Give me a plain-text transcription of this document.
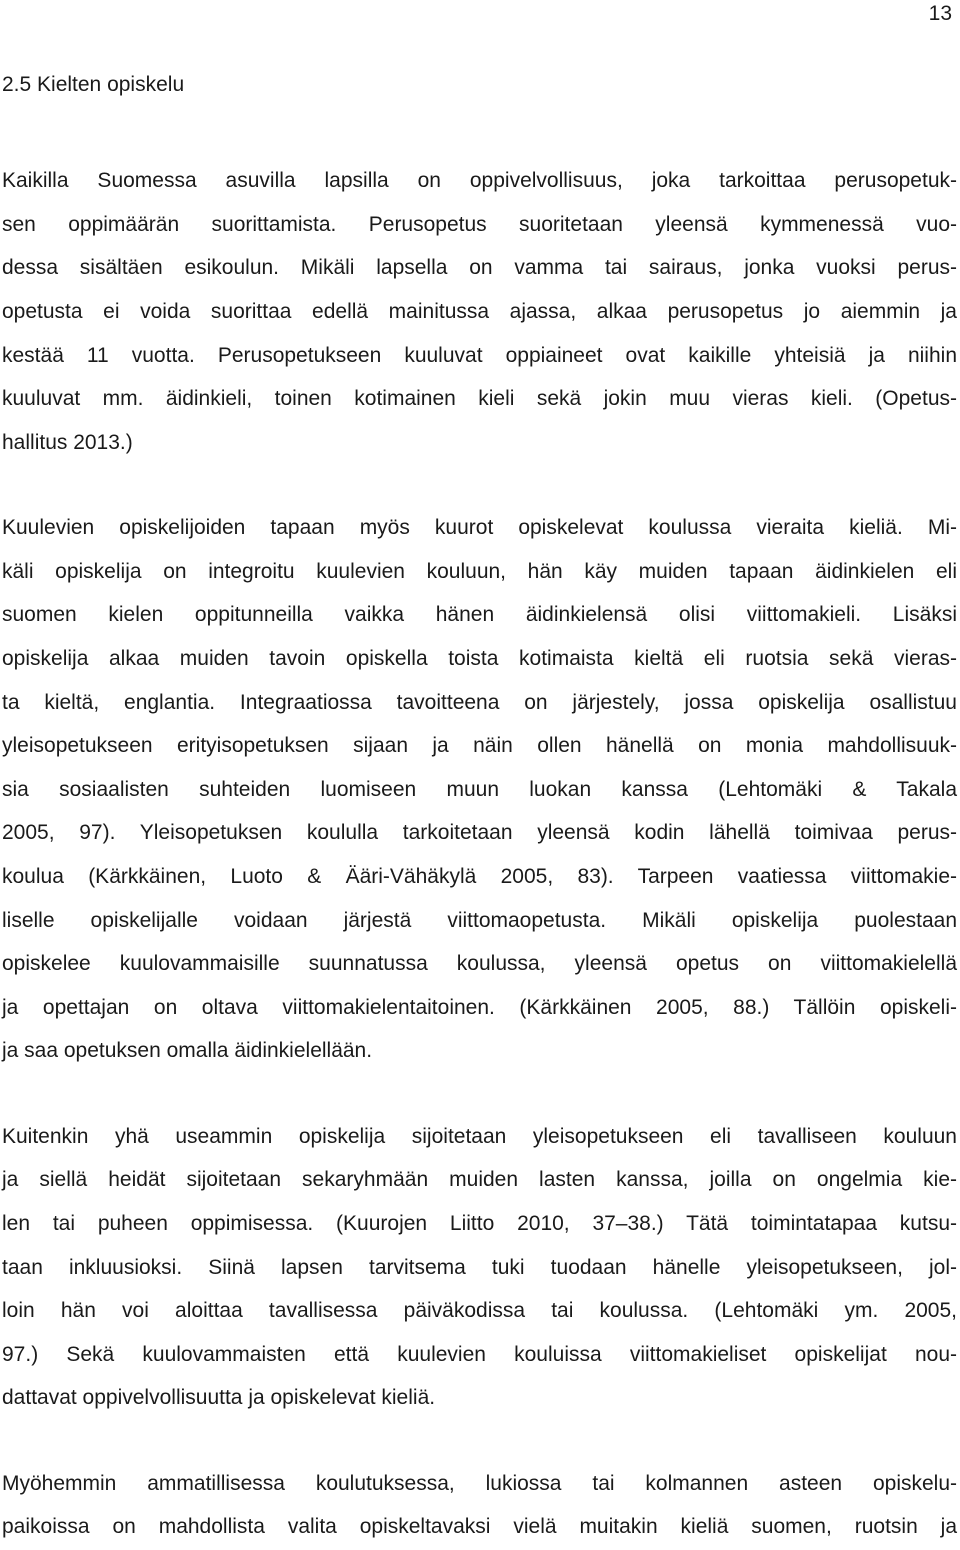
13
2.5 Kielten opiskelu
Kaikilla Suomessa asuvilla lapsilla on oppivelvollisuus, joka tarkoittaa perusopetuk-
sen oppimäärän suorittamista. Perusopetus suoritetaan yleensä kymmenessä vuo-
dessa sisältäen esikoulun. Mikäli lapsella on vamma tai sairaus, jonka vuoksi perus-
opetusta ei voida suorittaa edellä mainitussa ajassa, alkaa perusopetus jo aiemmin ja
kestää 11 vuotta. Perusopetukseen kuuluvat oppiaineet ovat kaikille yhteisiä ja niihin
kuuluvat mm. äidinkieli, toinen kotimainen kieli sekä jokin muu vieras kieli. (Opetus-
hallitus 2013.)
Kuulevien opiskelijoiden tapaan myös kuurot opiskelevat koulussa vieraita kieliä. Mi-
käli opiskelija on integroitu kuulevien kouluun, hän käy muiden tapaan äidinkielen eli
suomen kielen oppitunneilla vaikka hänen äidinkielensä olisi viittomakieli. Lisäksi
opiskelija alkaa muiden tavoin opiskella toista kotimaista kieltä eli ruotsia sekä vieras-
ta kieltä, englantia. Integraatiossa tavoitteena on järjestely, jossa opiskelija osallistuu
yleisopetukseen erityisopetuksen sijaan ja näin ollen hänellä on monia mahdollisuuk-
sia sosiaalisten suhteiden luomiseen muun luokan kanssa (Lehtomäki & Takala
2005, 97). Yleisopetuksen koululla tarkoitetaan yleensä kodin lähellä toimivaa perus-
koulua (Kärkkäinen, Luoto & Ääri-Vähäkylä 2005, 83). Tarpeen vaatiessa viittomakie-
liselle opiskelijalle voidaan järjestä viittomaopetusta. Mikäli opiskelija puolestaan
opiskelee kuulovammaisille suunnatussa koulussa, yleensä opetus on viittomakielellä
ja opettajan on oltava viittomakielentaitoinen. (Kärkkäinen 2005, 88.) Tällöin opiskeli-
ja saa opetuksen omalla äidinkielellään.
Kuitenkin yhä useammin opiskelija sijoitetaan yleisopetukseen eli tavalliseen kouluun
ja siellä heidät sijoitetaan sekaryhmään muiden lasten kanssa, joilla on ongelmia kie-
len tai puheen oppimisessa. (Kuurojen Liitto 2010, 37–38.) Tätä toimintatapaa kutsu-
taan inkluusioksi. Siinä lapsen tarvitsema tuki tuodaan hänelle yleisopetukseen, jol-
loin hän voi aloittaa tavallisessa päiväkodissa tai koulussa. (Lehtomäki ym. 2005,
97.) Sekä kuulovammaisten että kuulevien kouluissa viittomakieliset opiskelijat nou-
dattavat oppivelvollisuutta ja opiskelevat kieliä.
Myöhemmin ammatillisessa koulutuksessa, lukiossa tai kolmannen asteen opiskelu-
paikoissa on mahdollista valita opiskeltavaksi vielä muitakin kieliä suomen, ruotsin ja
